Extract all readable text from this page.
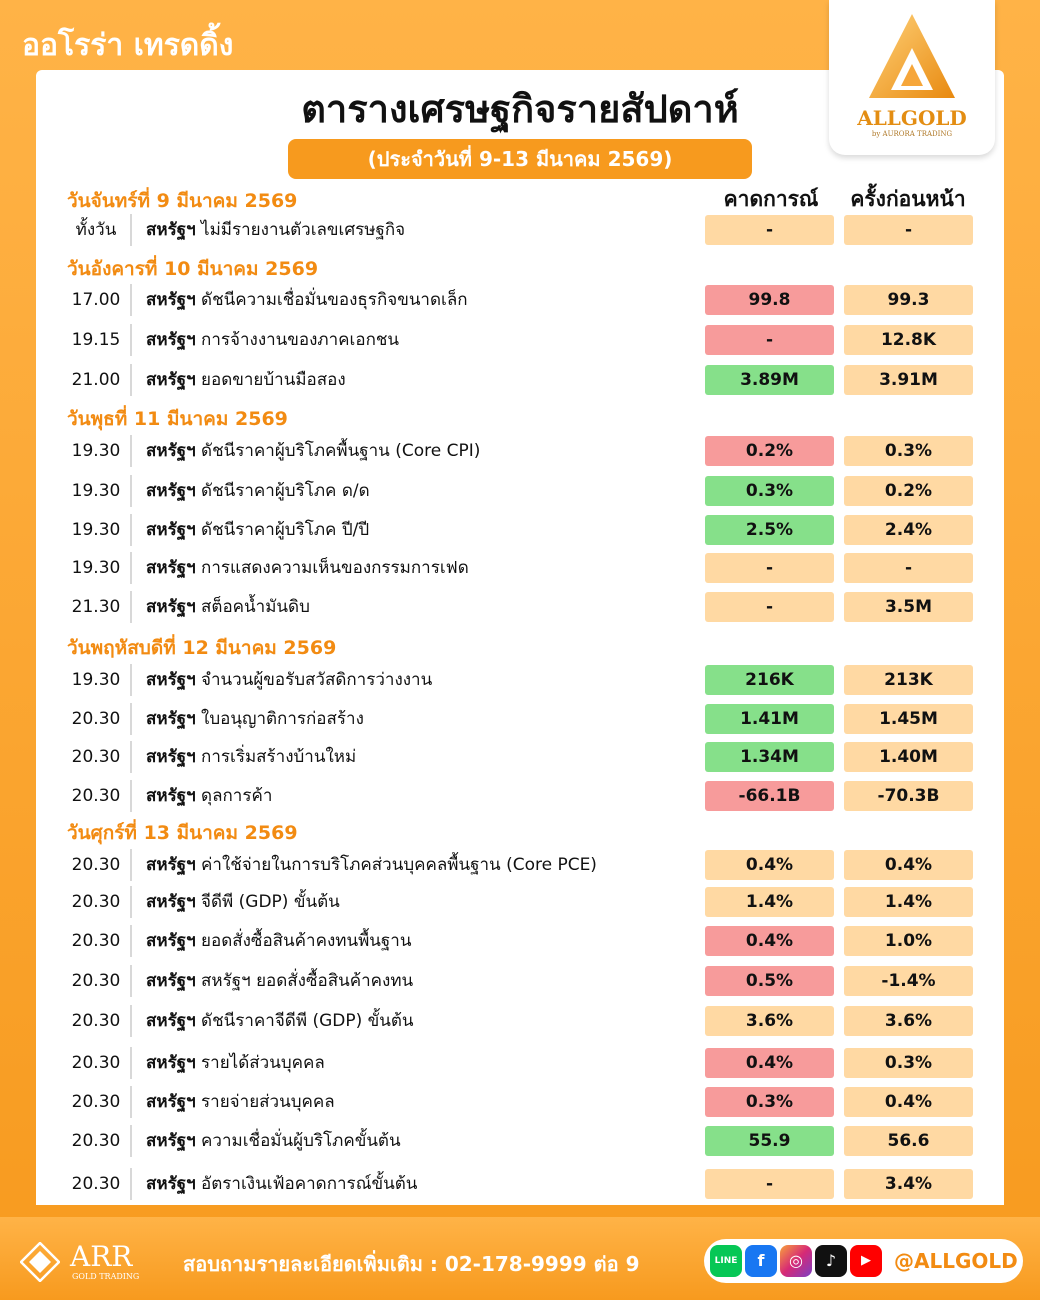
ออโรร่า เทรดดิ้ง
ตารางเศรษฐกิจรายสัปดาห์
(ประจำวันที่ 9-13 มีนาคม 2569)
ALLGOLD
by AURORA TRADING
คาดการณ์	ครั้งก่อนหน้า
วันจันทร์ที่ 9 มีนาคม 2569
ทั้งวัน	สหรัฐฯ ไม่มีรายงานตัวเลขเศรษฐกิจ	-	-
วันอังคารที่ 10 มีนาคม 2569
17.00	สหรัฐฯ ดัชนีความเชื่อมั่นของธุรกิจขนาดเล็ก	99.8	99.3
19.15	สหรัฐฯ การจ้างงานของภาคเอกชน	-	12.8K
21.00	สหรัฐฯ ยอดขายบ้านมือสอง	3.89M	3.91M
วันพุธที่ 11 มีนาคม 2569
19.30	สหรัฐฯ ดัชนีราคาผู้บริโภคพื้นฐาน (Core CPI)	0.2%	0.3%
19.30	สหรัฐฯ ดัชนีราคาผู้บริโภค ด/ด	0.3%	0.2%
19.30	สหรัฐฯ ดัชนีราคาผู้บริโภค ปี/ปี	2.5%	2.4%
19.30	สหรัฐฯ การแสดงความเห็นของกรรมการเฟด	-	-
21.30	สหรัฐฯ สต็อคน้ำมันดิบ	-	3.5M
วันพฤหัสบดีที่ 12 มีนาคม 2569
19.30	สหรัฐฯ จำนวนผู้ขอรับสวัสดิการว่างงาน	216K	213K
20.30	สหรัฐฯ ใบอนุญาติการก่อสร้าง	1.41M	1.45M
20.30	สหรัฐฯ การเริ่มสร้างบ้านใหม่	1.34M	1.40M
20.30	สหรัฐฯ ดุลการค้า	-66.1B	-70.3B
วันศุกร์ที่ 13 มีนาคม 2569
20.30	สหรัฐฯ ค่าใช้จ่ายในการบริโภคส่วนบุคคลพื้นฐาน (Core PCE)	0.4%	0.4%
20.30	สหรัฐฯ จีดีพี (GDP) ขั้นต้น	1.4%	1.4%
20.30	สหรัฐฯ ยอดสั่งซื้อสินค้าคงทนพื้นฐาน	0.4%	1.0%
20.30	สหรัฐฯ สหรัฐฯ ยอดสั่งซื้อสินค้าคงทน	0.5%	-1.4%
20.30	สหรัฐฯ ดัชนีราคาจีดีพี (GDP) ขั้นต้น	3.6%	3.6%
20.30	สหรัฐฯ รายได้ส่วนบุคคล	0.4%	0.3%
20.30	สหรัฐฯ รายจ่ายส่วนบุคคล	0.3%	0.4%
20.30	สหรัฐฯ ความเชื่อมั่นผู้บริโภคขั้นต้น	55.9	56.6
20.30	สหรัฐฯ อัตราเงินเฟ้อคาดการณ์ขั้นต้น	-	3.4%
ARR
GOLD TRADING
สอบถามรายละเอียดเพิ่มเติม : 02-178-9999 ต่อ 9	LINE	f	◎	♪	▶	@ALLGOLD
